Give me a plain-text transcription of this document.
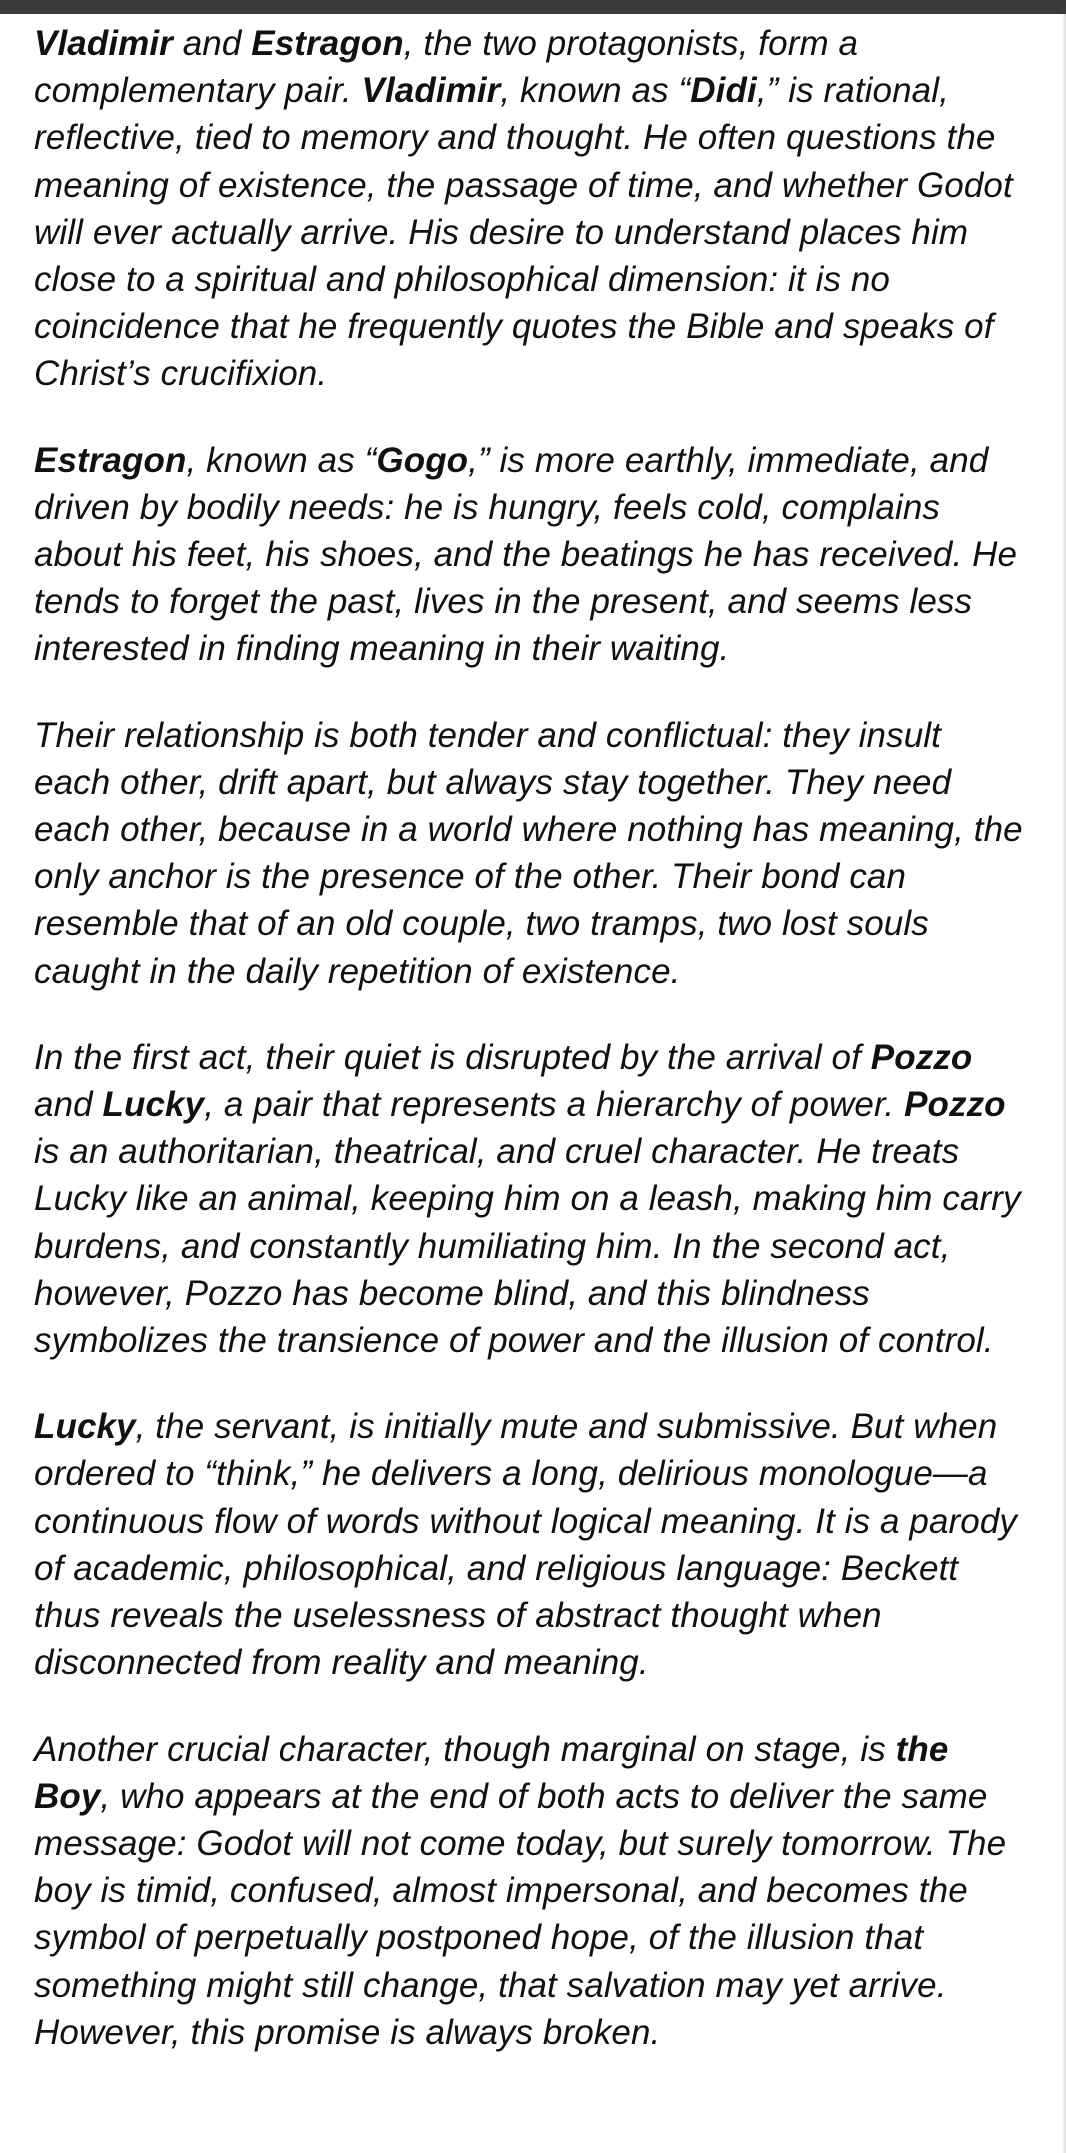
Vladimir and Estragon, the two protagonists, form a complementary pair. Vladimir, known as “Didi,” is rational, reflective, tied to memory and thought. He often questions the meaning of existence, the passage of time, and whether Godot will ever actually arrive. His desire to understand places him close to a spiritual and philosophical dimension: it is no coincidence that he frequently quotes the Bible and speaks of Christ’s crucifixion.

Estragon, known as “Gogo,” is more earthly, immediate, and driven by bodily needs: he is hungry, feels cold, complains about his feet, his shoes, and the beatings he has received. He tends to forget the past, lives in the present, and seems less interested in finding meaning in their waiting.

Their relationship is both tender and conflictual: they insult each other, drift apart, but always stay together. They need each other, because in a world where nothing has meaning, the only anchor is the presence of the other. Their bond can resemble that of an old couple, two tramps, two lost souls caught in the daily repetition of existence.

In the first act, their quiet is disrupted by the arrival of Pozzo and Lucky, a pair that represents a hierarchy of power. Pozzo is an authoritarian, theatrical, and cruel character. He treats Lucky like an animal, keeping him on a leash, making him carry burdens, and constantly humiliating him. In the second act, however, Pozzo has become blind, and this blindness symbolizes the transience of power and the illusion of control.

Lucky, the servant, is initially mute and submissive. But when ordered to “think,” he delivers a long, delirious monologue—a continuous flow of words without logical meaning. It is a parody of academic, philosophical, and religious language: Beckett thus reveals the uselessness of abstract thought when disconnected from reality and meaning.

Another crucial character, though marginal on stage, is the Boy, who appears at the end of both acts to deliver the same message: Godot will not come today, but surely tomorrow. The boy is timid, confused, almost impersonal, and becomes the symbol of perpetually postponed hope, of the illusion that something might still change, that salvation may yet arrive. However, this promise is always broken.
